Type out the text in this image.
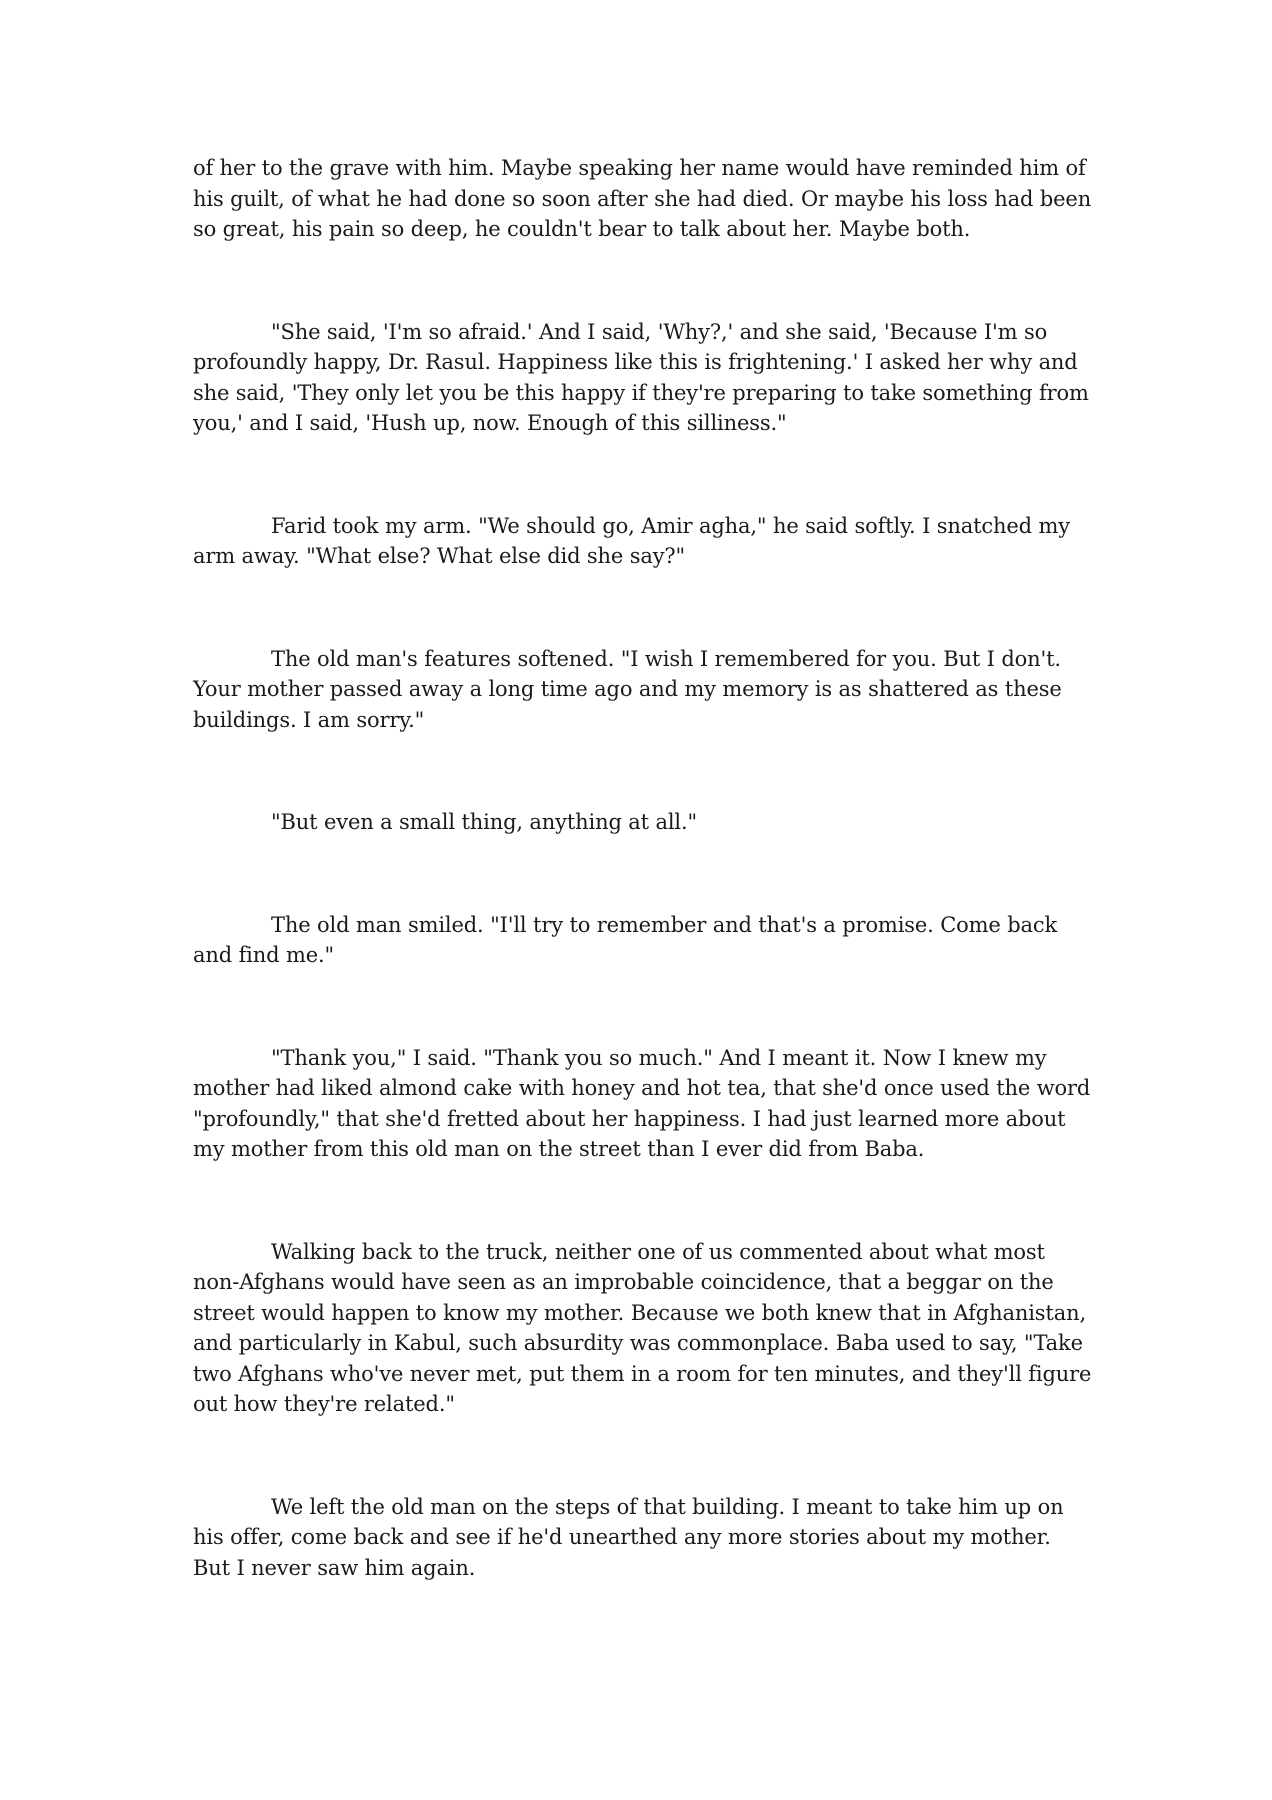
of her to the grave with him. Maybe speaking her name would have reminded him of his guilt, of what he had done so soon after she had died. Or maybe his loss had been so great, his pain so deep, he couldn't bear to talk about her. Maybe both.

"She said, 'I'm so afraid.' And I said, 'Why?,' and she said, 'Because I'm so profoundly happy, Dr. Rasul. Happiness like this is frightening.' I asked her why and she said, 'They only let you be this happy if they're preparing to take something from you,' and I said, 'Hush up, now. Enough of this silliness."

Farid took my arm. "We should go, Amir agha," he said softly. I snatched my arm away. "What else? What else did she say?"

The old man's features softened. "I wish I remembered for you. But I don't. Your mother passed away a long time ago and my memory is as shattered as these buildings. I am sorry."

"But even a small thing, anything at all."

The old man smiled. "I'll try to remember and that's a promise. Come back and find me."

"Thank you," I said. "Thank you so much." And I meant it. Now I knew my mother had liked almond cake with honey and hot tea, that she'd once used the word "profoundly," that she'd fretted about her happiness. I had just learned more about my mother from this old man on the street than I ever did from Baba.

Walking back to the truck, neither one of us commented about what most non-Afghans would have seen as an improbable coincidence, that a beggar on the street would happen to know my mother. Because we both knew that in Afghanistan, and particularly in Kabul, such absurdity was commonplace. Baba used to say, "Take two Afghans who've never met, put them in a room for ten minutes, and they'll figure out how they're related."

We left the old man on the steps of that building. I meant to take him up on his offer, come back and see if he'd unearthed any more stories about my mother. But I never saw him again.
